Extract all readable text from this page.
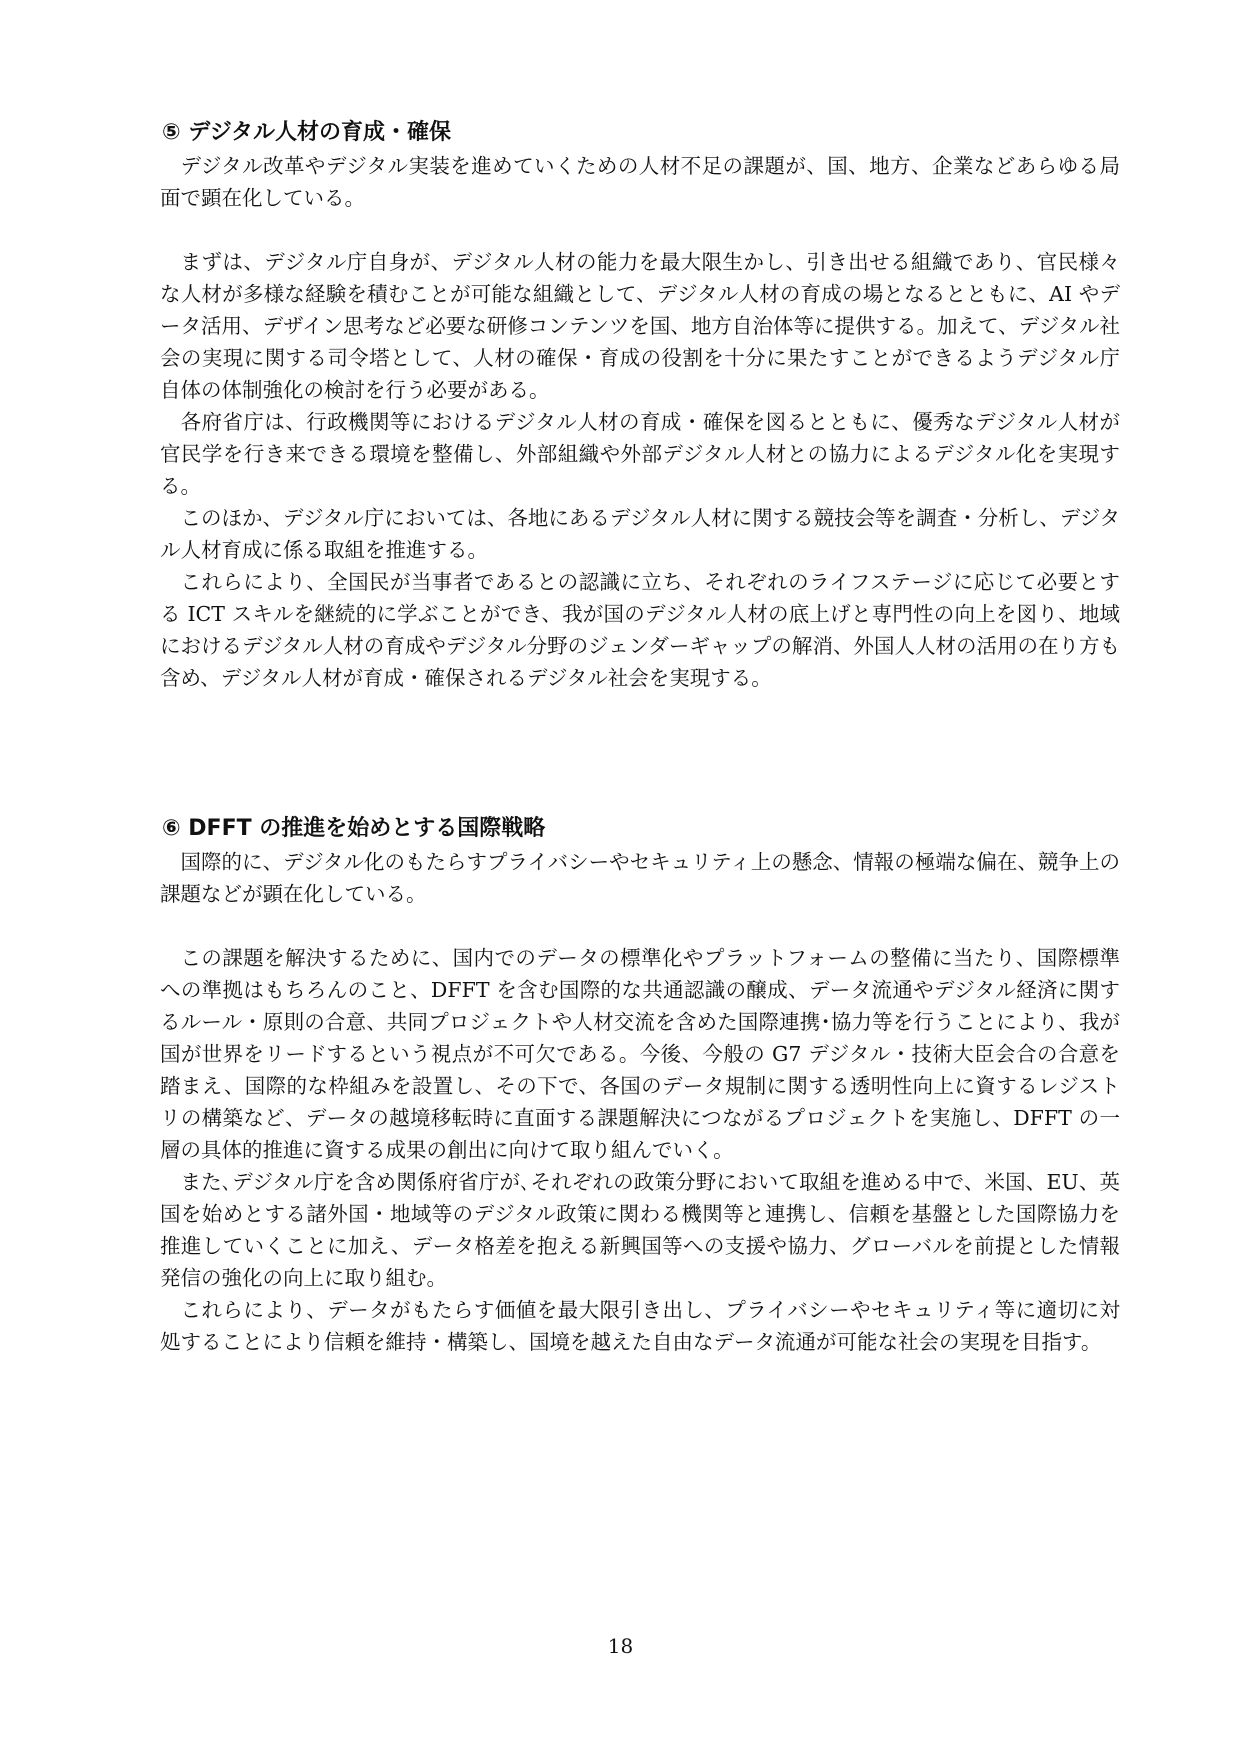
⑤ デジタル人材の育成・確保

デジタル改革やデジタル実装を進めていくための人材不足の課題が、国、地方、企業などあらゆる局面で顕在化している。

まずは、デジタル庁自身が、デジタル人材の能力を最大限生かし、引き出せる組織であり、官民様々な人材が多様な経験を積むことが可能な組織として、デジタル人材の育成の場となるとともに、AI やデータ活用、デザイン思考など必要な研修コンテンツを国、地方自治体等に提供する。加えて、デジタル社会の実現に関する司令塔として、人材の確保・育成の役割を十分に果たすことができるようデジタル庁自体の体制強化の検討を行う必要がある。

各府省庁は、行政機関等におけるデジタル人材の育成・確保を図るとともに、優秀なデジタル人材が官民学を行き来できる環境を整備し、外部組織や外部デジタル人材との協力によるデジタル化を実現する。

このほか、デジタル庁においては、各地にあるデジタル人材に関する競技会等を調査・分析し、デジタル人材育成に係る取組を推進する。

これらにより、全国民が当事者であるとの認識に立ち、それぞれのライフステージに応じて必要とする ICT スキルを継続的に学ぶことができ、我が国のデジタル人材の底上げと専門性の向上を図り、地域におけるデジタル人材の育成やデジタル分野のジェンダーギャップの解消、外国人人材の活用の在り方も含め、デジタル人材が育成・確保されるデジタル社会を実現する。

⑥ DFFT の推進を始めとする国際戦略

国際的に、デジタル化のもたらすプライバシーやセキュリティ上の懸念、情報の極端な偏在、競争上の課題などが顕在化している。

この課題を解決するために、国内でのデータの標準化やプラットフォームの整備に当たり、国際標準への準拠はもちろんのこと、DFFT を含む国際的な共通認識の醸成、データ流通やデジタル経済に関するルール・原則の合意、共同プロジェクトや人材交流を含めた国際連携･協力等を行うことにより、我が国が世界をリードするという視点が不可欠である。今後、今般の G7 デジタル・技術大臣会合の合意を踏まえ、国際的な枠組みを設置し、その下で、各国のデータ規制に関する透明性向上に資するレジストリの構築など、データの越境移転時に直面する課題解決につながるプロジェクトを実施し、DFFT の一層の具体的推進に資する成果の創出に向けて取り組んでいく。

また､デジタル庁を含め関係府省庁が､それぞれの政策分野において取組を進める中で、米国、EU、英国を始めとする諸外国・地域等のデジタル政策に関わる機関等と連携し、信頼を基盤とした国際協力を推進していくことに加え、データ格差を抱える新興国等への支援や協力、グローバルを前提とした情報発信の強化の向上に取り組む。

これらにより、データがもたらす価値を最大限引き出し、プライバシーやセキュリティ等に適切に対処することにより信頼を維持・構築し、国境を越えた自由なデータ流通が可能な社会の実現を目指す。

18
